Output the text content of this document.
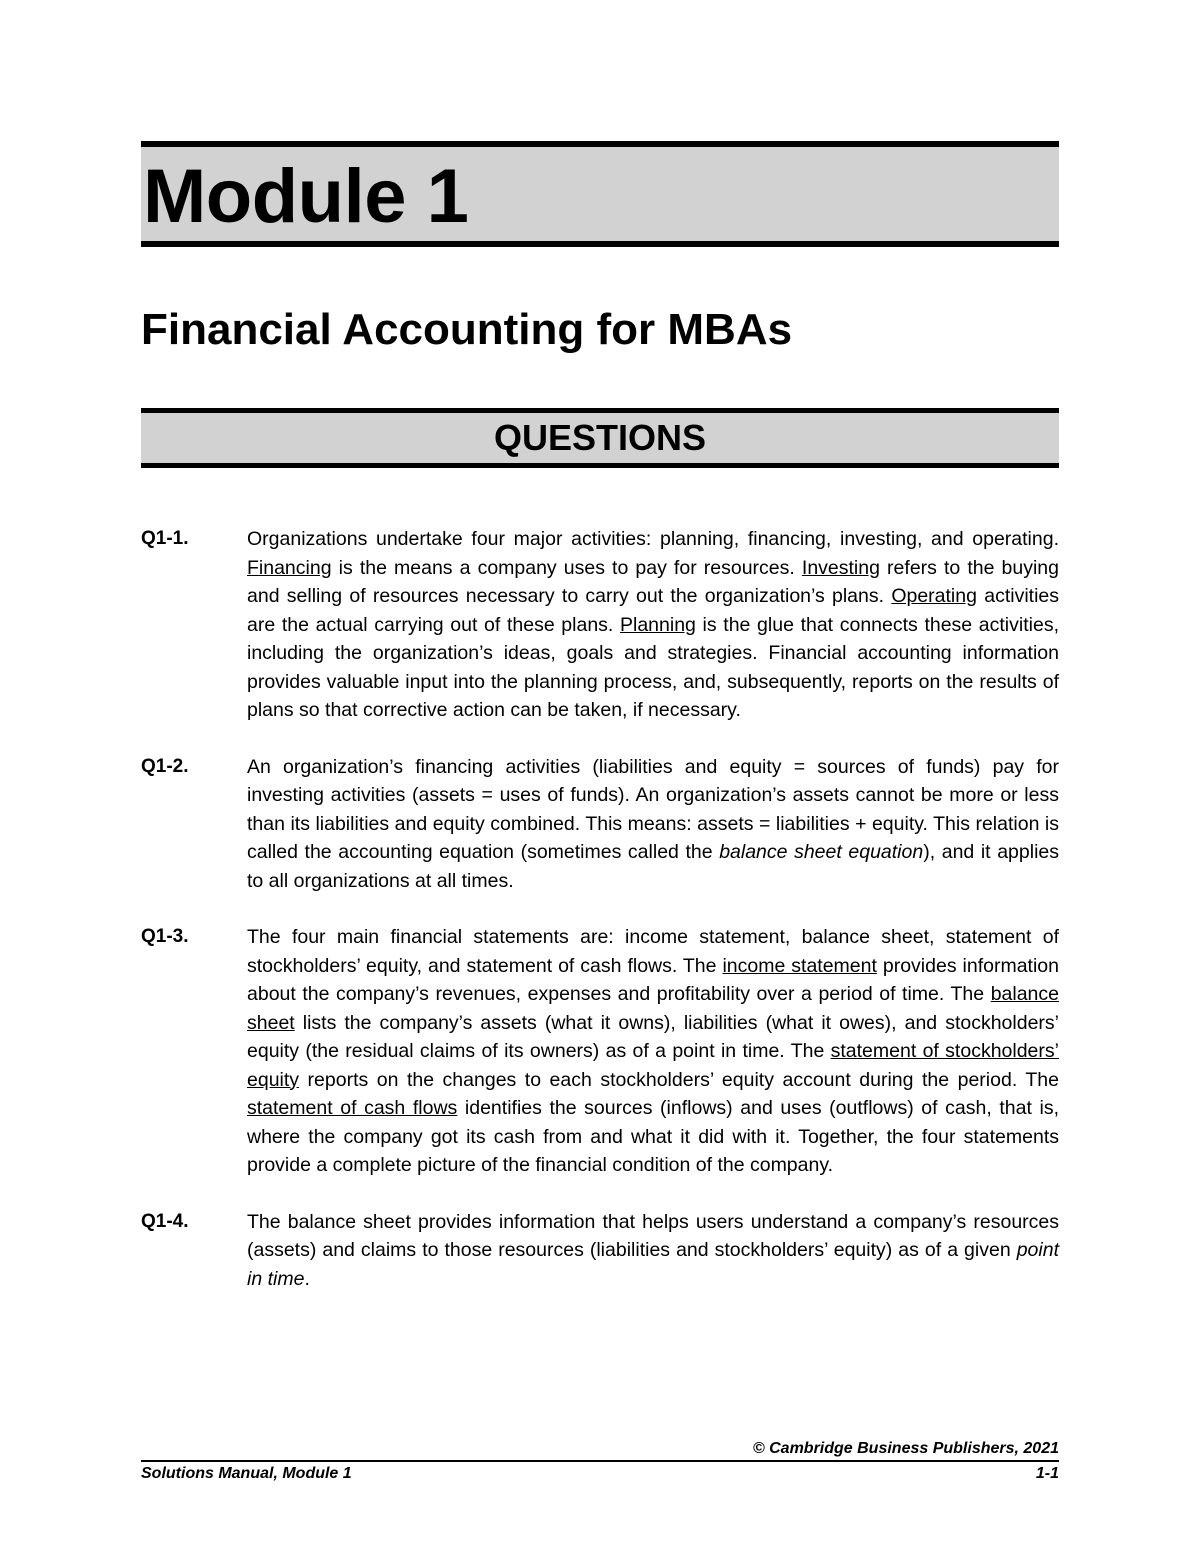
Module 1
Financial Accounting for MBAs
QUESTIONS
Q1-1.	Organizations undertake four major activities: planning, financing, investing, and operating. Financing is the means a company uses to pay for resources. Investing refers to the buying and selling of resources necessary to carry out the organization’s plans. Operating activities are the actual carrying out of these plans. Planning is the glue that connects these activities, including the organization’s ideas, goals and strategies. Financial accounting information provides valuable input into the planning process, and, subsequently, reports on the results of plans so that corrective action can be taken, if necessary.

Q1-2.	An organization’s financing activities (liabilities and equity = sources of funds) pay for investing activities (assets = uses of funds). An organization’s assets cannot be more or less than its liabilities and equity combined. This means: assets = liabilities + equity. This relation is called the accounting equation (sometimes called the balance sheet equation), and it applies to all organizations at all times.

Q1-3.	The four main financial statements are: income statement, balance sheet, statement of stockholders’ equity, and statement of cash flows. The income statement provides information about the company’s revenues, expenses and profitability over a period of time. The balance sheet lists the company’s assets (what it owns), liabilities (what it owes), and stockholders’ equity (the residual claims of its owners) as of a point in time. The statement of stockholders’ equity reports on the changes to each stockholders’ equity account during the period. The statement of cash flows identifies the sources (inflows) and uses (outflows) of cash, that is, where the company got its cash from and what it did with it. Together, the four statements provide a complete picture of the financial condition of the company.

Q1-4.	The balance sheet provides information that helps users understand a company’s resources (assets) and claims to those resources (liabilities and stockholders’ equity) as of a given point in time.

© Cambridge Business Publishers, 2021
Solutions Manual, Module 1	1-1
